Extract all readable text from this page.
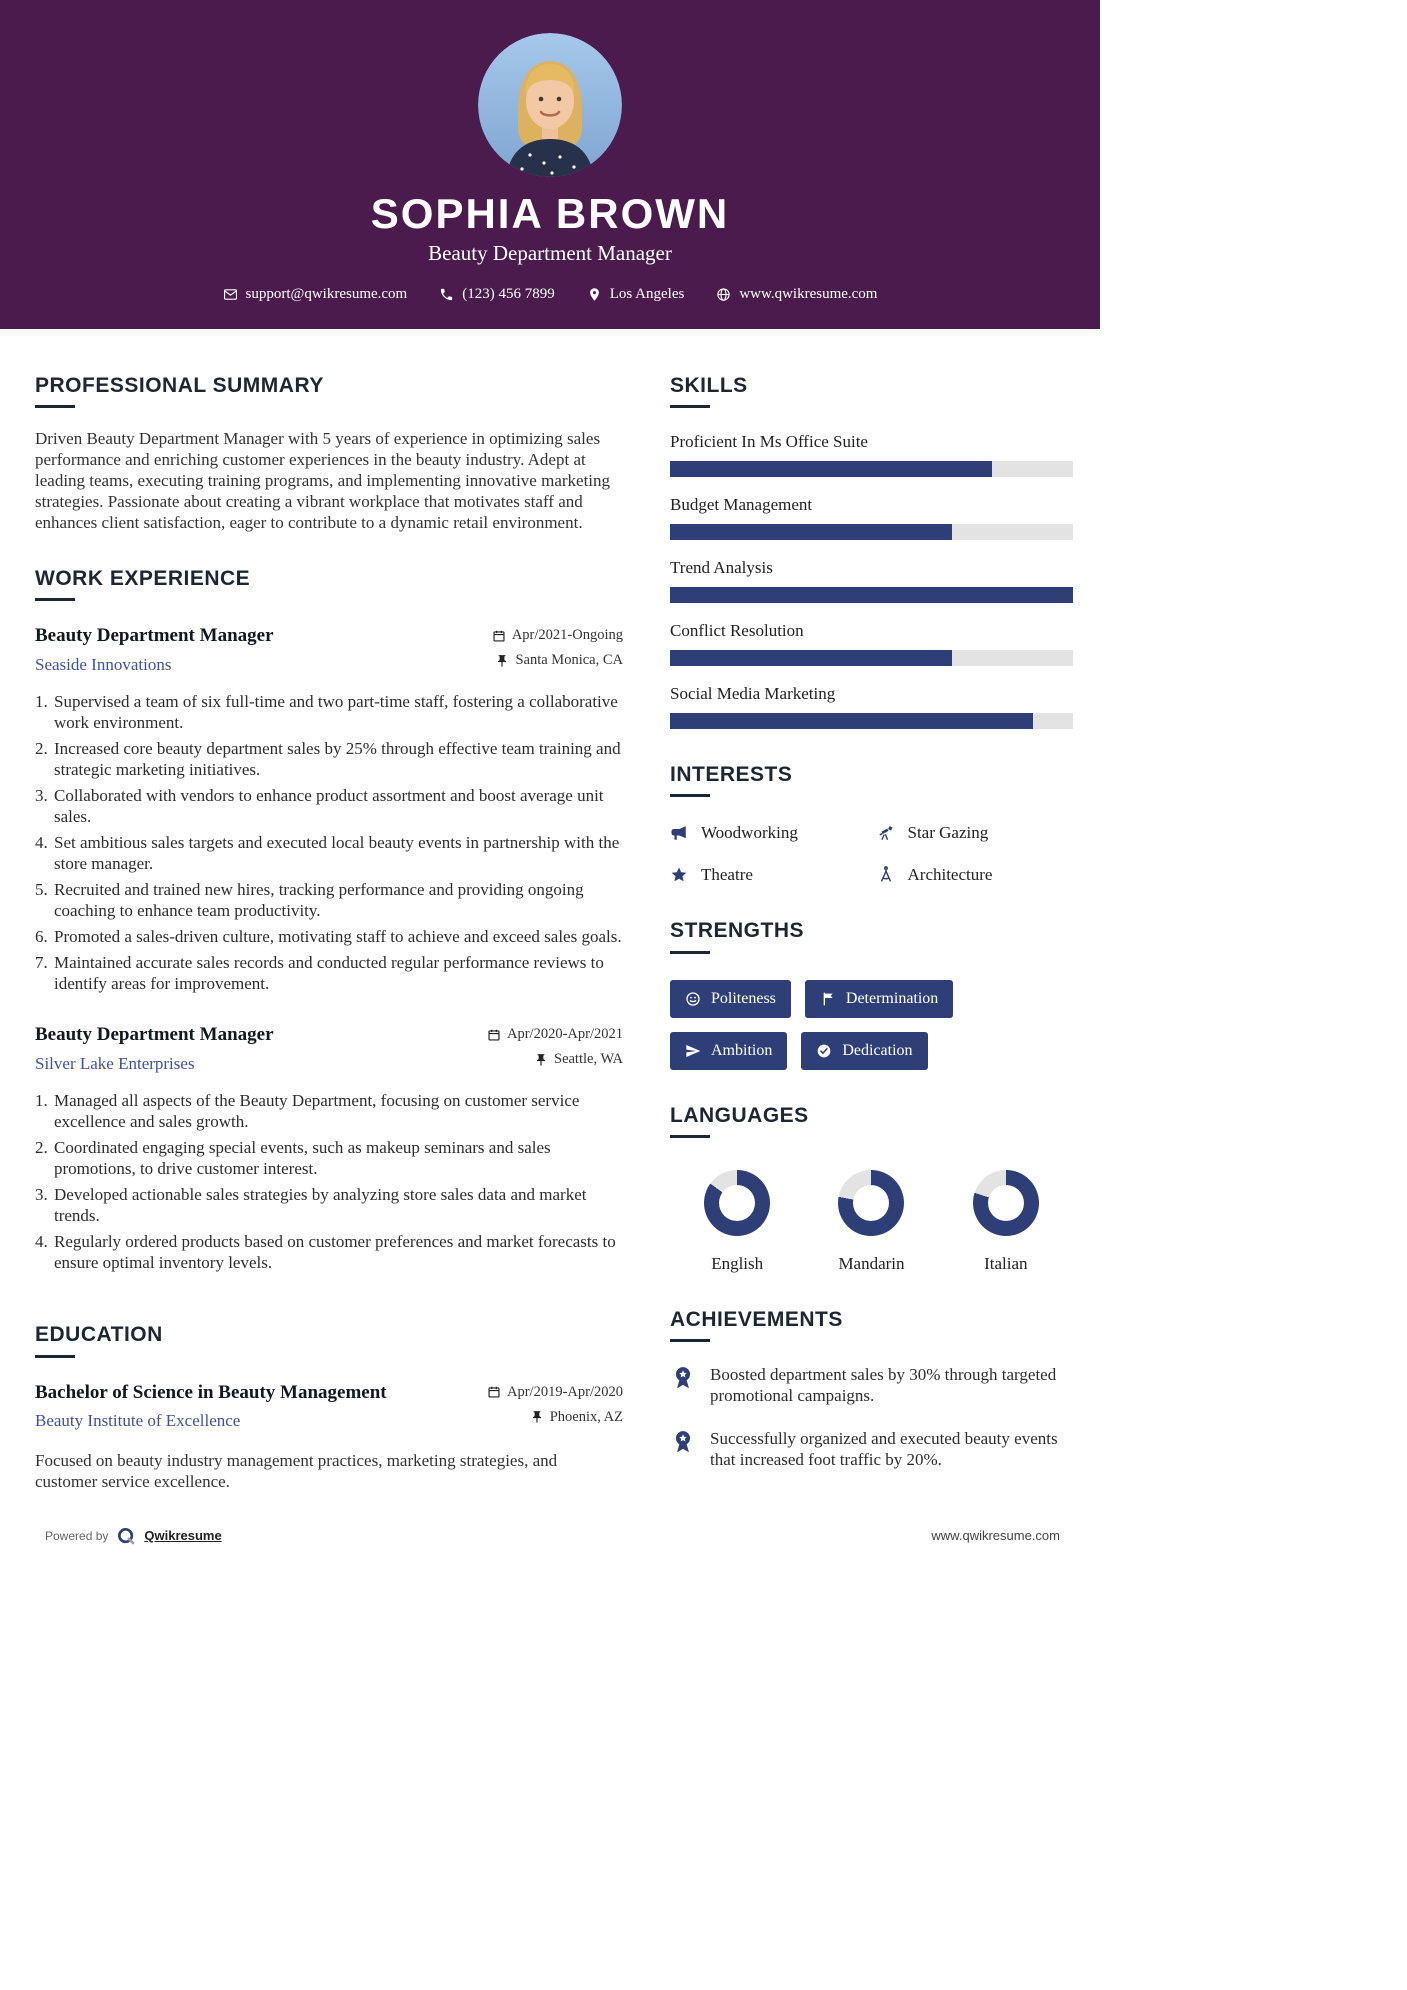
SOPHIA BROWN
Beauty Department Manager
support@qwikresume.com	(123) 456 7899	Los Angeles	www.qwikresume.com
PROFESSIONAL SUMMARY

Driven Beauty Department Manager with 5 years of experience in optimizing sales performance and enriching customer experiences in the beauty industry. Adept at leading teams, executing training programs, and implementing innovative marketing strategies. Passionate about creating a vibrant workplace that motivates staff and enhances client satisfaction, eager to contribute to a dynamic retail environment.

WORK EXPERIENCE
Beauty Department Manager
Seaside Innovations
Apr/2021-Ongoing
Santa Monica, CA
1. Supervised a team of six full-time and two part-time staff, fostering a collaborative work environment.
2. Increased core beauty department sales by 25% through effective team training and strategic marketing initiatives.
3. Collaborated with vendors to enhance product assortment and boost average unit sales.
4. Set ambitious sales targets and executed local beauty events in partnership with the store manager.
5. Recruited and trained new hires, tracking performance and providing ongoing coaching to enhance team productivity.
6. Promoted a sales-driven culture, motivating staff to achieve and exceed sales goals.
7. Maintained accurate sales records and conducted regular performance reviews to identify areas for improvement.
Beauty Department Manager
Silver Lake Enterprises
Apr/2020-Apr/2021
Seattle, WA
1. Managed all aspects of the Beauty Department, focusing on customer service excellence and sales growth.
2. Coordinated engaging special events, such as makeup seminars and sales promotions, to drive customer interest.
3. Developed actionable sales strategies by analyzing store sales data and market trends.
4. Regularly ordered products based on customer preferences and market forecasts to ensure optimal inventory levels.
EDUCATION
Bachelor of Science in Beauty Management
Beauty Institute of Excellence
Apr/2019-Apr/2020
Phoenix, AZ

Focused on beauty industry management practices, marketing strategies, and customer service excellence.

SKILLS
Proficient In Ms Office Suite
Budget Management
Trend Analysis
Conflict Resolution
Social Media Marketing
INTERESTS
Woodworking	Star Gazing
Theatre	Architecture
STRENGTHS
Politeness	Determination
Ambition	Dedication
LANGUAGES
English	Mandarin	Italian
ACHIEVEMENTS
Boosted department sales by 30% through targeted promotional campaigns.
Successfully organized and executed beauty events that increased foot traffic by 20%.
Powered by	Qwikresume	www.qwikresume.com
